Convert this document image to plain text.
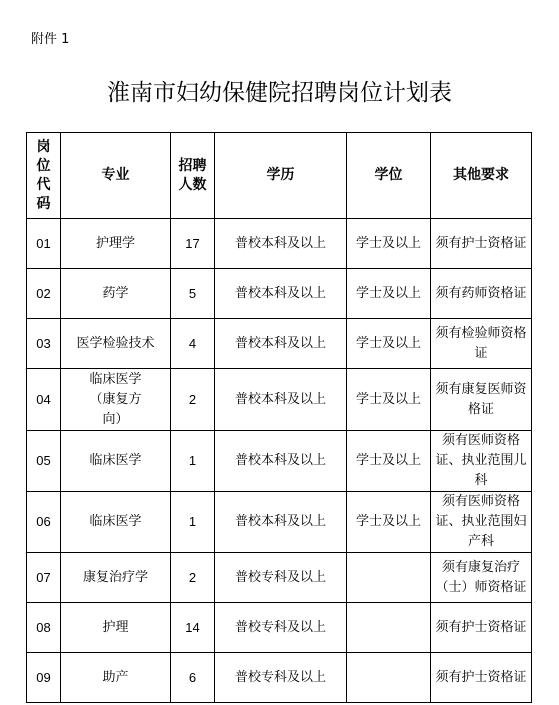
附件 1
淮南市妇幼保健院招聘岗位计划表
岗位代码	专业	招聘人数	学历	学位	其他要求
01	护理学	17	普校本科及以上	学士及以上	须有护士资格证
02	药学	5	普校本科及以上	学士及以上	须有药师资格证
03	医学检验技术	4	普校本科及以上	学士及以上	须有检验师资格证

04	临床医学（康复方向）	2	普校本科及以上	学士及以上	须有康复医师资格证

05	临床医学	1	普校本科及以上	学士及以上	须有医师资格证、执业范围儿科
06	临床医学	1	普校本科及以上	学士及以上	须有医师资格证、执业范围妇产科
07	康复治疗学	2	普校专科及以上		须有康复治疗（士）师资格证

08	护理	14	普校专科及以上		须有护士资格证
09	助产	6	普校专科及以上		须有护士资格证
